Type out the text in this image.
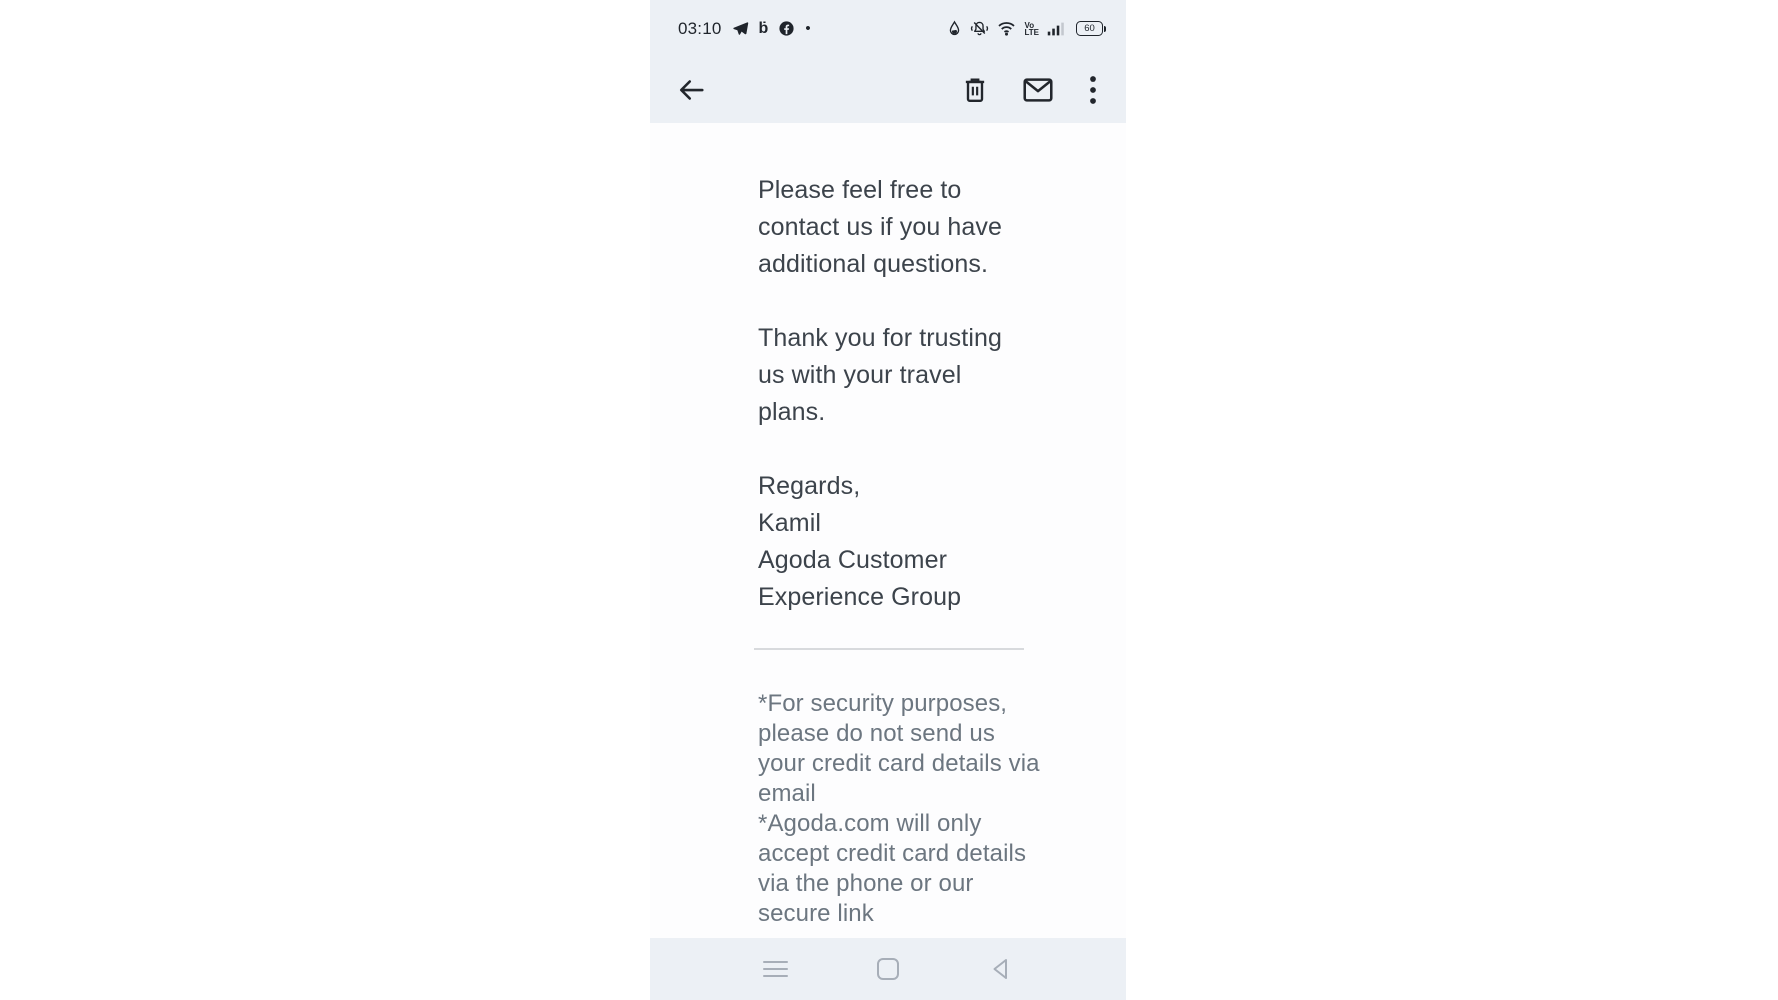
03:10 ḃ •	Vo
LTE	60
Please feel free to
contact us if you have
additional questions.
Thank you for trusting
us with your travel
plans.
Regards,
Kamil
Agoda Customer
Experience Group
*For security purposes,
please do not send us
your credit card details via
email
*Agoda.com will only
accept credit card details
via the phone or our
secure link
